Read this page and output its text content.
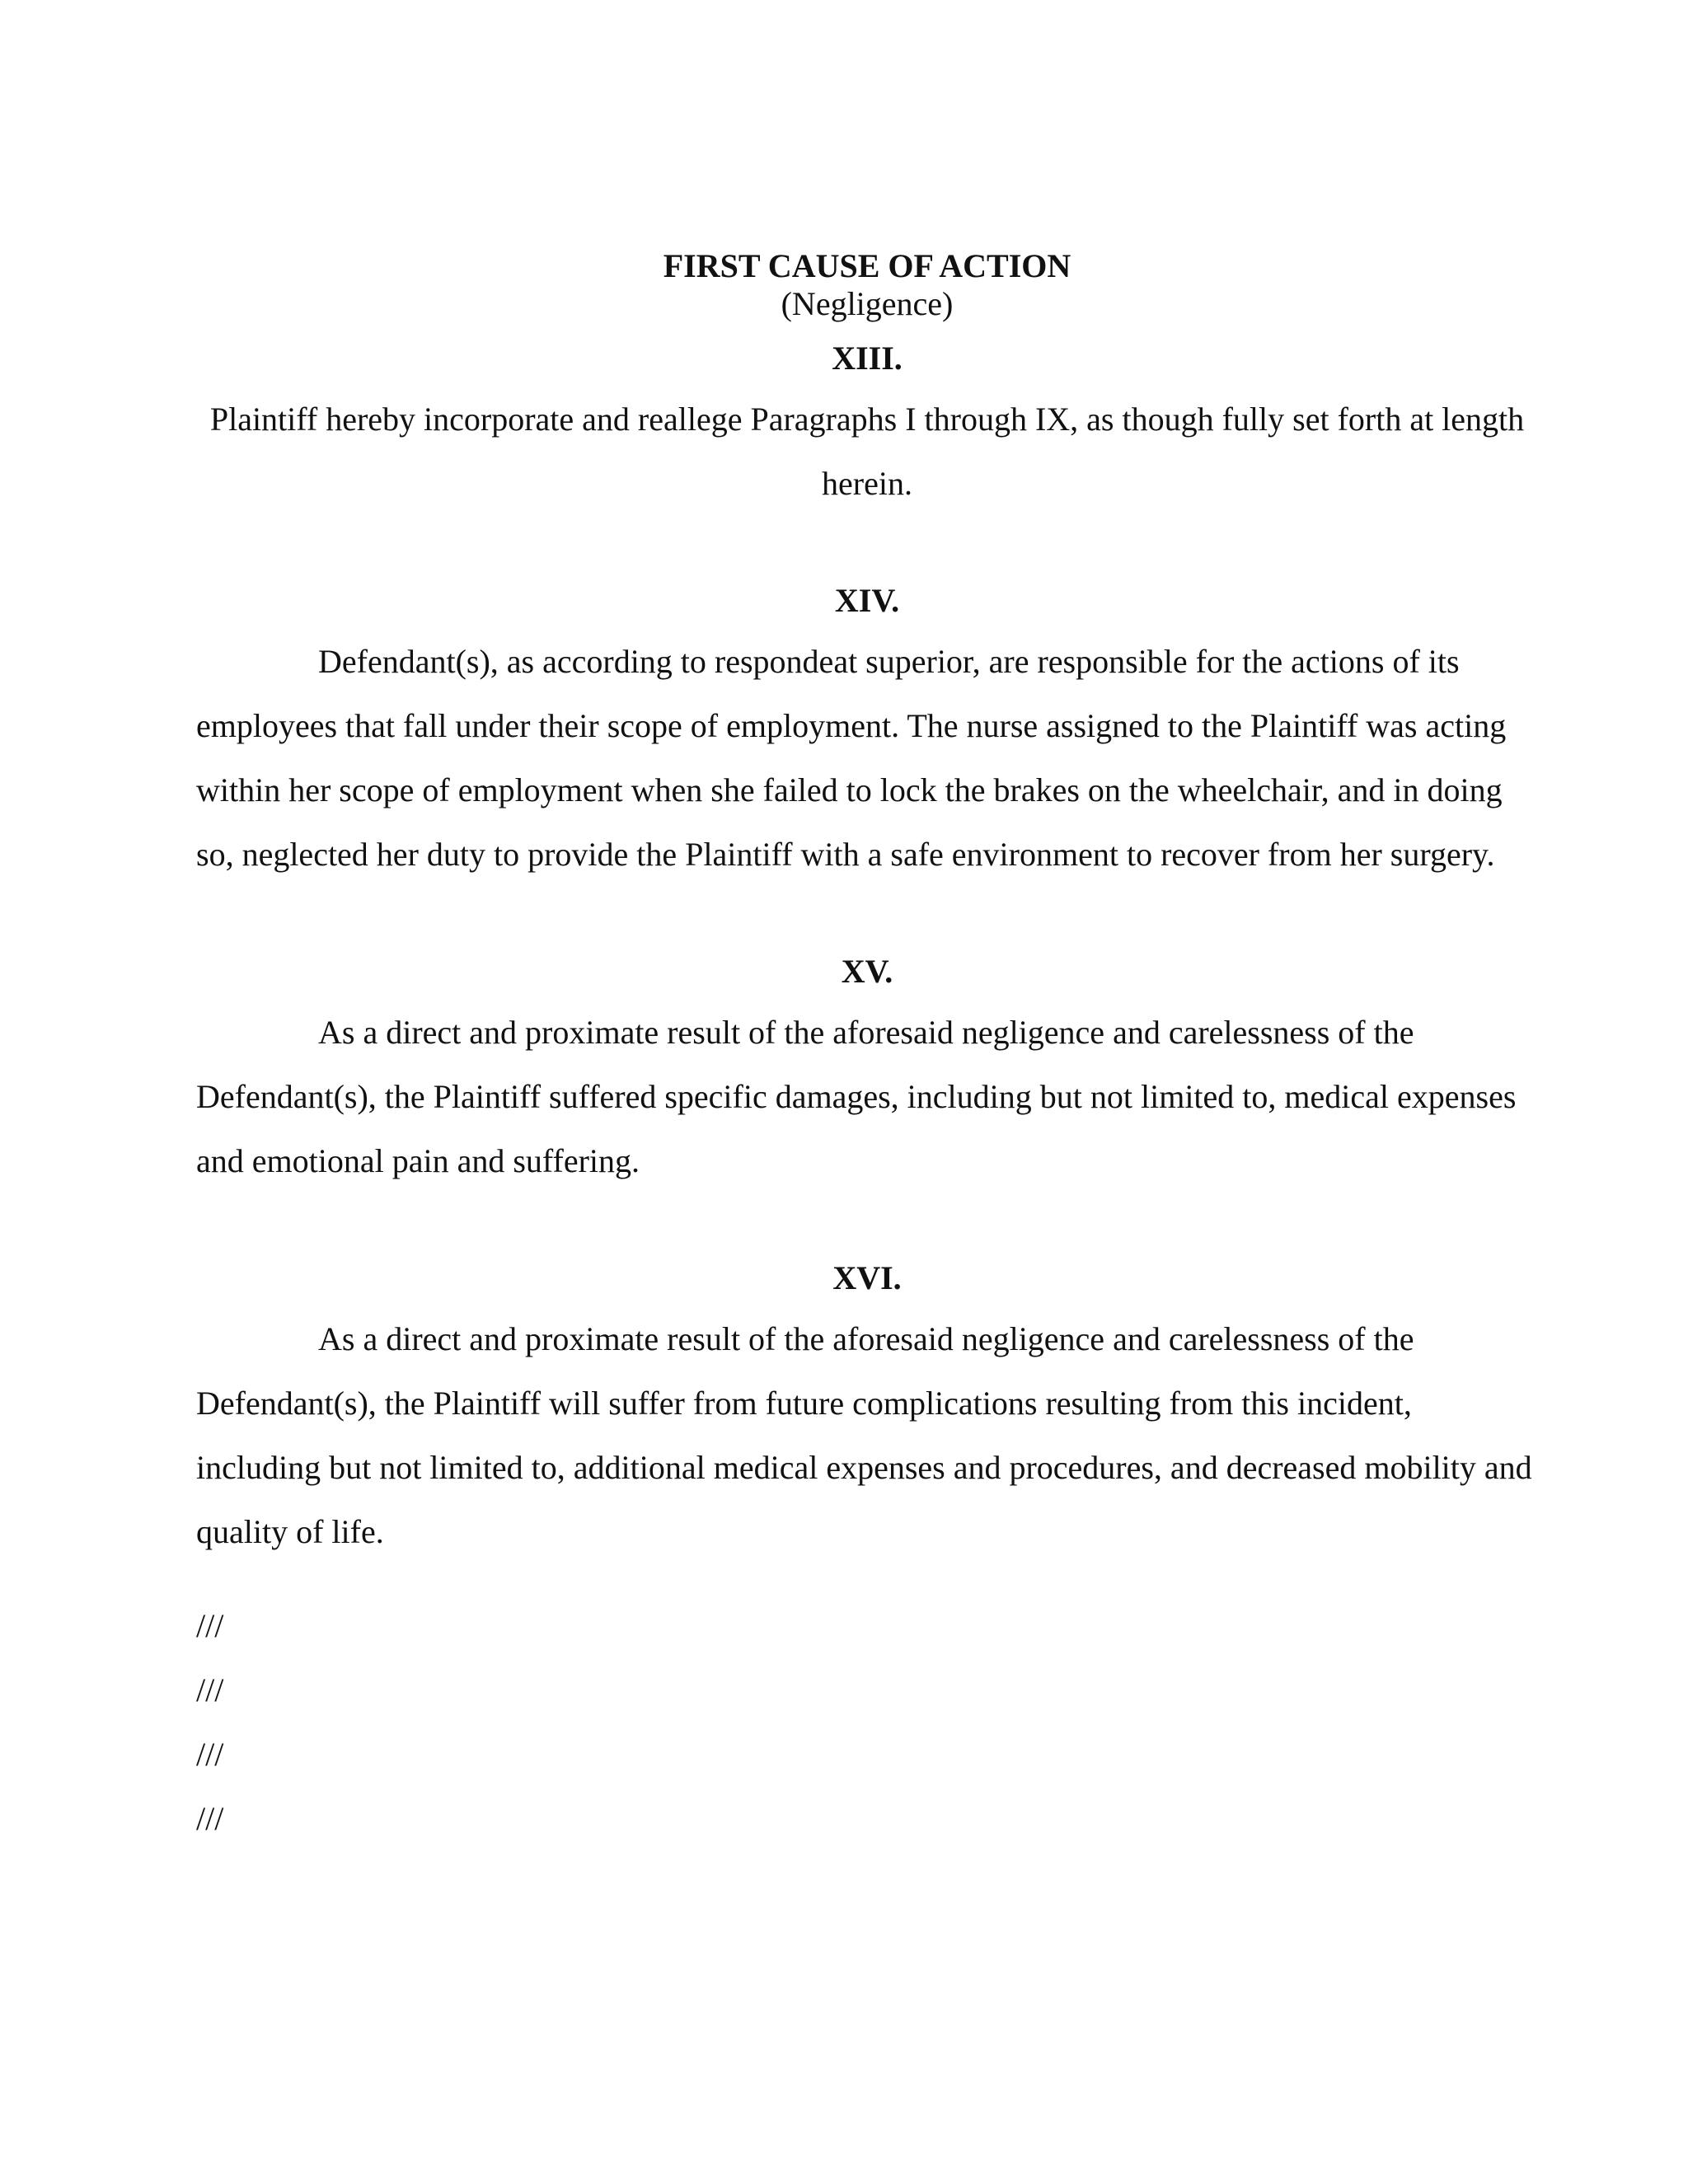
FIRST CAUSE OF ACTION
(Negligence)
XIII.

Plaintiff hereby incorporate and reallege Paragraphs I through IX, as though fully set forth at length herein.

XIV.

Defendant(s), as according to respondeat superior, are responsible for the actions of its employees that fall under their scope of employment. The nurse assigned to the Plaintiff was acting within her scope of employment when she failed to lock the brakes on the wheelchair, and in doing so, neglected her duty to provide the Plaintiff with a safe environment to recover from her surgery.

XV.

As a direct and proximate result of the aforesaid negligence and carelessness of the Defendant(s), the Plaintiff suffered specific damages, including but not limited to, medical expenses and emotional pain and suffering.

XVI.

As a direct and proximate result of the aforesaid negligence and carelessness of the Defendant(s), the Plaintiff will suffer from future complications resulting from this incident, including but not limited to, additional medical expenses and procedures, and decreased mobility and quality of life.

///

///

///

///
